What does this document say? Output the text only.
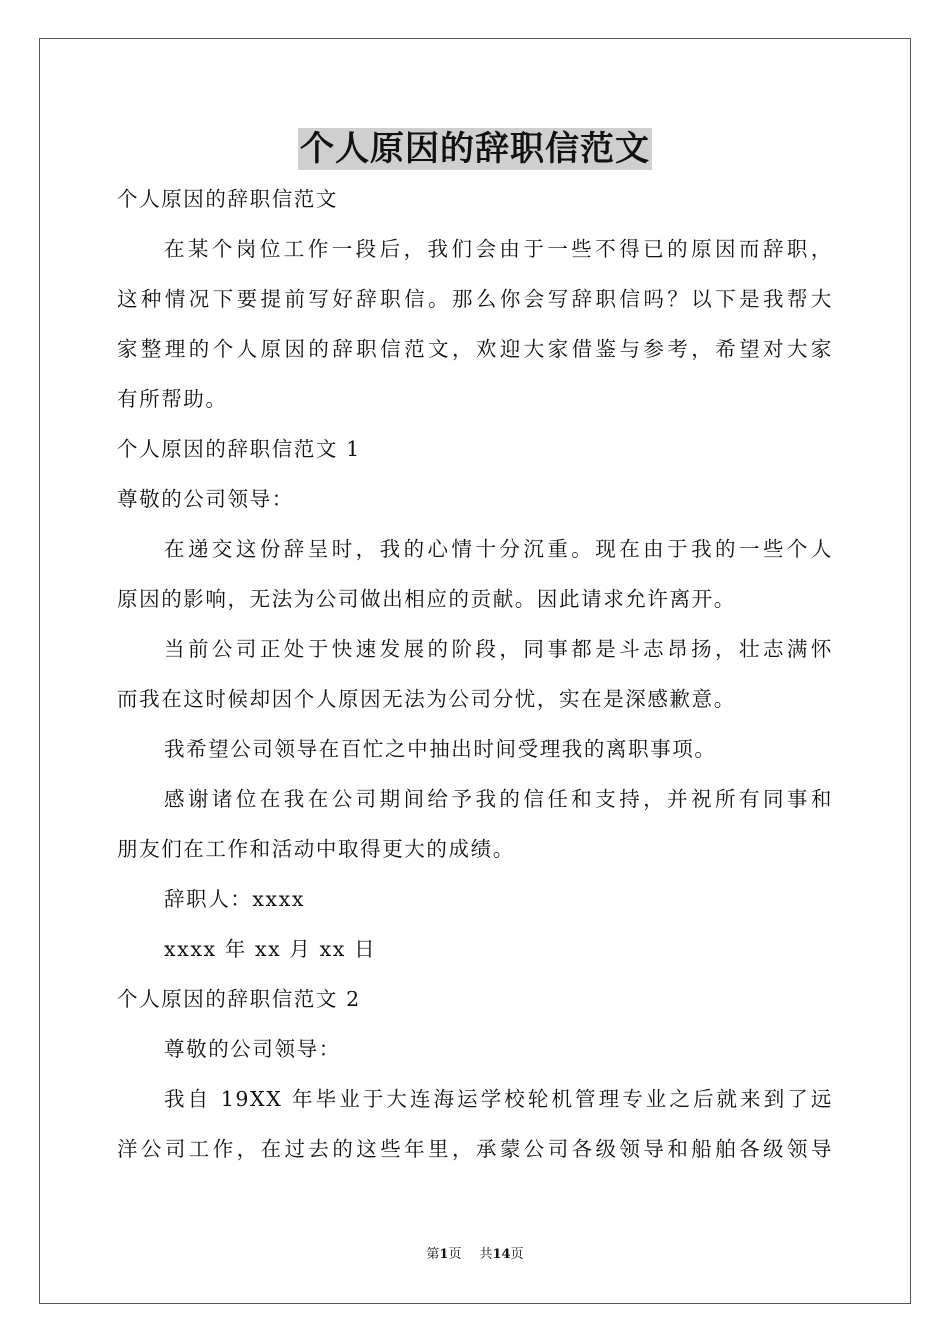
个人原因的辞职信范文
个人原因的辞职信范文
在某个岗位工作一段后，我们会由于一些不得已的原因而辞职，
这种情况下要提前写好辞职信。那么你会写辞职信吗？以下是我帮大
家整理的个人原因的辞职信范文，欢迎大家借鉴与参考，希望对大家
有所帮助。
个人原因的辞职信范文 1
尊敬的公司领导：
在递交这份辞呈时，我的心情十分沉重。现在由于我的一些个人
原因的影响，无法为公司做出相应的贡献。因此请求允许离开。
当前公司正处于快速发展的阶段，同事都是斗志昂扬，壮志满怀
而我在这时候却因个人原因无法为公司分忧，实在是深感歉意。
我希望公司领导在百忙之中抽出时间受理我的离职事项。
感谢诸位在我在公司期间给予我的信任和支持，并祝所有同事和
朋友们在工作和活动中取得更大的成绩。
辞职人：xxxx
xxxx 年 xx 月 xx 日
个人原因的辞职信范文 2
尊敬的公司领导：
我自 19XX 年毕业于大连海运学校轮机管理专业之后就来到了远
洋公司工作，在过去的这些年里，承蒙公司各级领导和船舶各级领导
第1页 共14页
